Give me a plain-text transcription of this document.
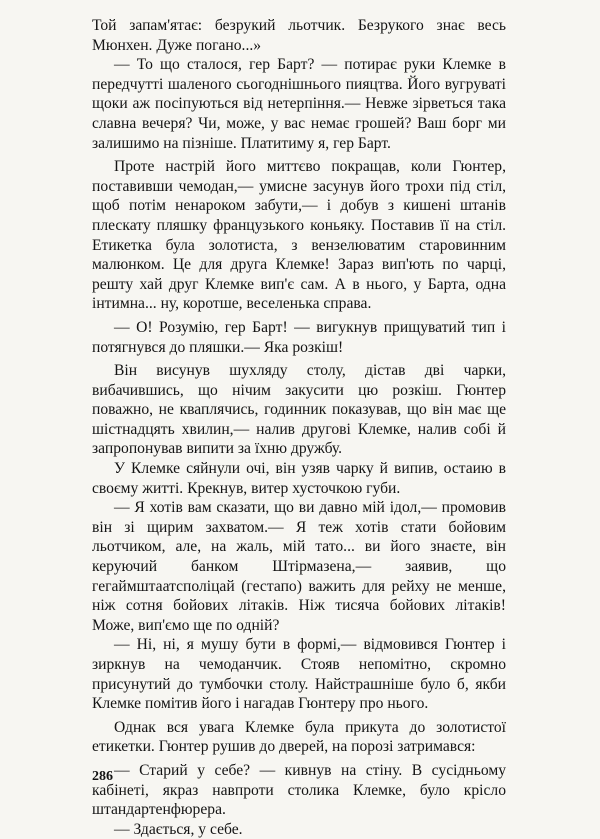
Той запам'ятає: безрукий льотчик. Безрукого знає весь Мюнхен. Дуже погано...»

— То що сталося, гер Барт? — потирає руки Клемке в передчутті шаленого сьогоднішнього пияцтва. Його вугруваті щоки аж посіпуються від нетерпіння.— Невже зірветься така славна вечеря? Чи, може, у вас немає грошей? Ваш борг ми залишимо на пізніше. Платитиму я, гер Барт.

Проте настрій його миттєво покращав, коли Гюнтер, поставивши чемодан,— умисне засунув його трохи під стіл, щоб потім ненароком забути,— і добув з кишені штанів плескату пляшку французького коньяку. Поставив її на стіл. Етикетка була золотиста, з вензелюватим старовинним малюнком. Це для друга Клемке! Зараз вип'ють по чарці, решту хай друг Клемке вип'є сам. А в нього, у Барта, одна інтимна... ну, коротше, веселенька справа.

— О! Розумію, гер Барт! — вигукнув прищуватий тип і потягнувся до пляшки.— Яка розкіш!

Він висунув шухляду столу, дістав дві чарки, вибачившись, що нічим закусити цю розкіш. Гюнтер поважно, не кваплячись, годинник показував, що він має ще шістнадцять хвилин,— налив другові Клемке, налив собі й запропонував випити за їхню дружбу.

У Клемке сяйнули очі, він узяв чарку й випив, остаию в своєму житті. Крекнув, витер хусточкою губи.

— Я хотів вам сказати, що ви давно мій ідол,— промовив він зі щирим захватом.— Я теж хотів стати бойовим льотчиком, але, на жаль, мій тато... ви його знаєте, він керуючий банком Штірмазена,— заявив, що гегаймштаатсполіцай (гестапо) важить для рейху не менше, ніж сотня бойових літаків. Ніж тисяча бойових літаків! Може, вип'ємо ще по одній?

— Ні, ні, я мушу бути в формі,— відмовився Гюнтер і зиркнув на чемоданчик. Стояв непомітно, скромно присунутий до тумбочки столу. Найстрашніше було б, якби Клемке помітив його і нагадав Гюнтеру про нього.

Однак вся увага Клемке була прикута до золотистої етикетки. Гюнтер рушив до дверей, на порозі затримався:

— Старий у себе? — кивнув на стіну. В сусідньому кабінеті, якраз навпроти столика Клемке, було крісло штандартенфюрера.

— Здається, у себе.

286
